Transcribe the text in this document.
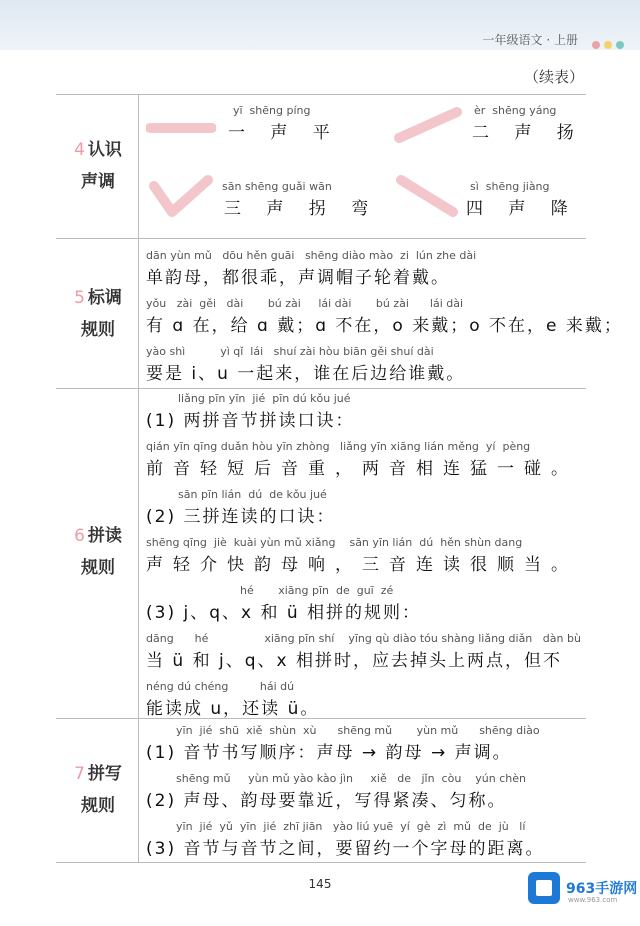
一年级语文 · 上册
（续表）
4 认识
声调
yī  shēng píng
一 声 平
èr  shēng yáng
二 声 扬
sān shēng guǎi wān
三 声 拐 弯
sì  shēng jiàng
四 声 降
5 标调
规则
dān yùn mǔ   dōu hěn guāi   shēng diào mào  zi  lún zhe dài
单韵母，都很乖，声调帽子轮着戴。
yǒu   zài  gěi   dài       bú zài     lái dài       bú zài      lái dài
有 ɑ 在，给 ɑ 戴；ɑ 不在，o 来戴；o 不在，e 来戴；
yào shì          yì qǐ  lái   shuí zài hòu biān gěi shuí dài
要是 i、u 一起来，谁在后边给谁戴。
6 拼读
规则
liǎng pīn yīn  jié  pīn dú kǒu jué
(1) 两拼音节拼读口诀：
qián yīn qīng duǎn hòu yīn zhòng   liǎng yīn xiāng lián měng  yí  pèng
前音轻短后音重，两音相连猛一碰。
sān pīn lián  dú  de kǒu jué
(2) 三拼连读的口诀：
shēng qīng  jiè  kuài yùn mǔ xiǎng    sān yīn lián  dú  hěn shùn dang
声轻介快韵母响，三音连读很顺当。
hé       xiāng pīn  de  guī  zé
(3) j、q、x 和 ü 相拼的规则：
dāng      hé                xiāng pīn shí    yīng qù diào tóu shàng liǎng diǎn   dàn bù
当 ü 和 j、q、x 相拼时，应去掉头上两点，但不
néng dú chéng         hái dú
能读成 u，还读 ü。
7 拼写
规则
yīn  jié  shū  xiě  shùn  xù      shēng mǔ       yùn mǔ      shēng diào
(1) 音节书写顺序：声母 → 韵母 → 声调。
shēng mǔ     yùn mǔ yào kào jìn     xiě   de   jǐn  còu    yún chèn
(2) 声母、韵母要靠近，写得紧凑、匀称。
yīn  jié  yǔ  yīn  jié  zhī jiān   yào liú yuē  yí  gè  zì  mǔ  de  jù   lí
(3) 音节与音节之间，要留约一个字母的距离。
145	963手游网
www.963.com
